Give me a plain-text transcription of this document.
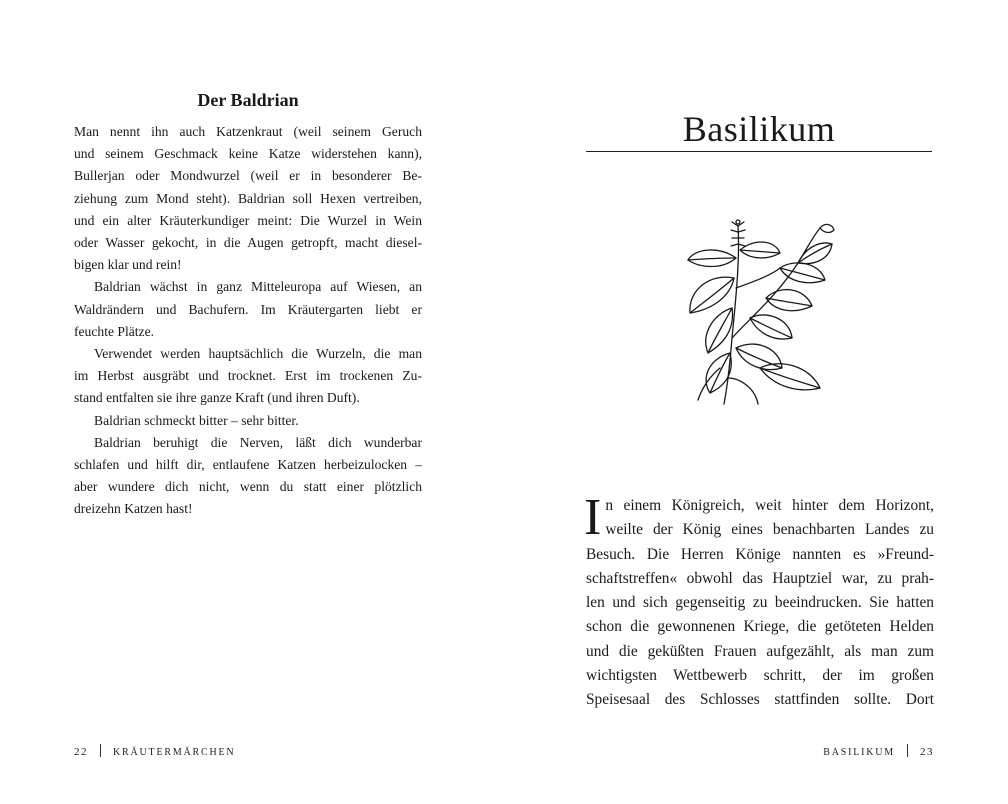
Der Baldrian
Man nennt ihn auch Katzenkraut (weil seinem Geruch
und seinem Geschmack keine Katze widerstehen kann),
Bullerjan oder Mondwurzel (weil er in besonderer Be-
ziehung zum Mond steht). Baldrian soll Hexen vertreiben,
und ein alter Kräuterkundiger meint: Die Wurzel in Wein
oder Wasser gekocht, in die Augen getropft, macht diesel-
bigen klar und rein!
Baldrian wächst in ganz Mitteleuropa auf Wiesen, an
Waldrändern und Bachufern. Im Kräutergarten liebt er
feuchte Plätze.
Verwendet werden hauptsächlich die Wurzeln, die man
im Herbst ausgräbt und trocknet. Erst im trockenen Zu-
stand entfalten sie ihre ganze Kraft (und ihren Duft).
Baldrian schmeckt bitter – sehr bitter.
Baldrian beruhigt die Nerven, läßt dich wunderbar
schlafen und hilft dir, entlaufene Katzen herbeizulocken –
aber wundere dich nicht, wenn du statt einer plötzlich
dreizehn Katzen hast!
22	KRÄUTERMÄRCHEN
Basilikum
I n einem Königreich, weit hinter dem Horizont,
weilte der König eines benachbarten Landes zu
Besuch. Die Herren Könige nannten es »Freund-
schaftstreffen« obwohl das Hauptziel war, zu prah-
len und sich gegenseitig zu beeindrucken. Sie hatten
schon die gewonnenen Kriege, die getöteten Helden
und die geküßten Frauen aufgezählt, als man zum
wichtigsten Wettbewerb schritt, der im großen
Speisesaal des Schlosses stattfinden sollte. Dort
BASILIKUM 23
